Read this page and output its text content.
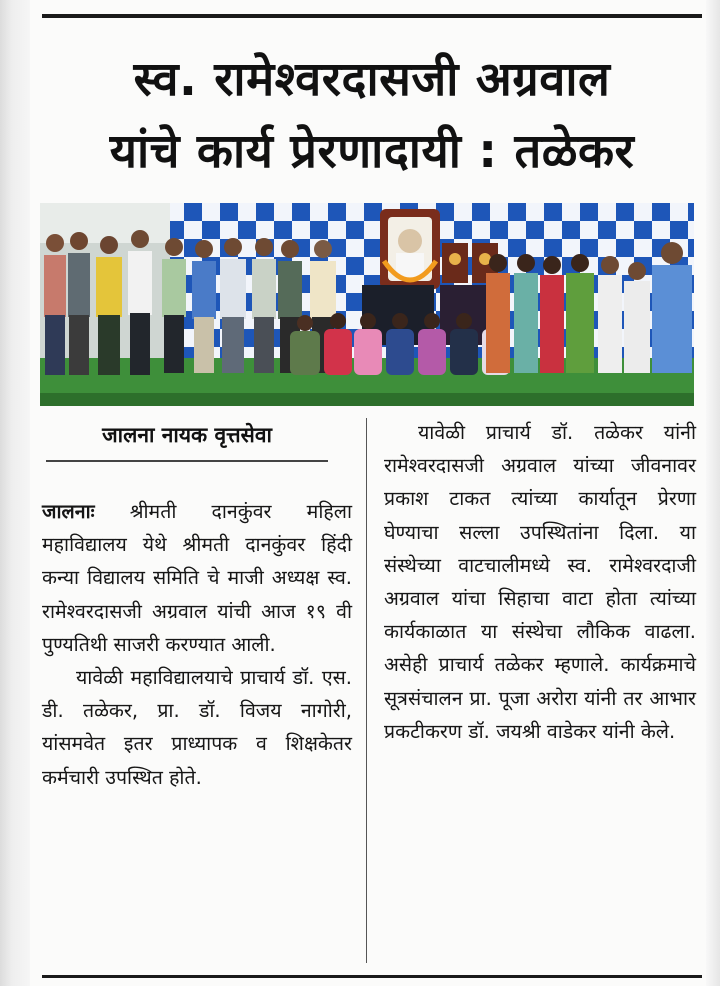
स्व. रामेश्वरदासजी अग्रवाल
यांचे कार्य प्रेरणादायी : तळेकर
जालना नायक वृत्तसेवा

जालनाः श्रीमती दानकुंवर महिला महाविद्यालय येथे श्रीमती दानकुंवर हिंदी कन्या विद्यालय समिति चे माजी अध्यक्ष स्व. रामेश्वरदासजी अग्रवाल यांची आज १९ वी पुण्यतिथी साजरी करण्यात आली.

यावेळी महाविद्यालयाचे प्राचार्य डॉ. एस. डी. तळेकर, प्रा. डॉ. विजय नागोरी, यांसमवेत इतर प्राध्यापक व शिक्षकेतर कर्मचारी उपस्थित होते.

यावेळी प्राचार्य डॉ. तळेकर यांनी रामेश्वरदासजी अग्रवाल यांच्या जीवनावर प्रकाश टाकत त्यांच्या कार्यातून प्रेरणा घेण्याचा सल्ला उपस्थितांना दिला. या संस्थेच्या वाटचालीमध्ये स्व. रामेश्वरदाजी अग्रवाल यांचा सिहाचा वाटा होता त्यांच्या कार्यकाळात या संस्थेचा लौकिक वाढला. असेही प्राचार्य तळेकर म्हणाले. कार्यक्रमाचे सूत्रसंचालन प्रा. पूजा अरोरा यांनी तर आभार प्रकटीकरण डॉ. जयश्री वाडेकर यांनी केले.
